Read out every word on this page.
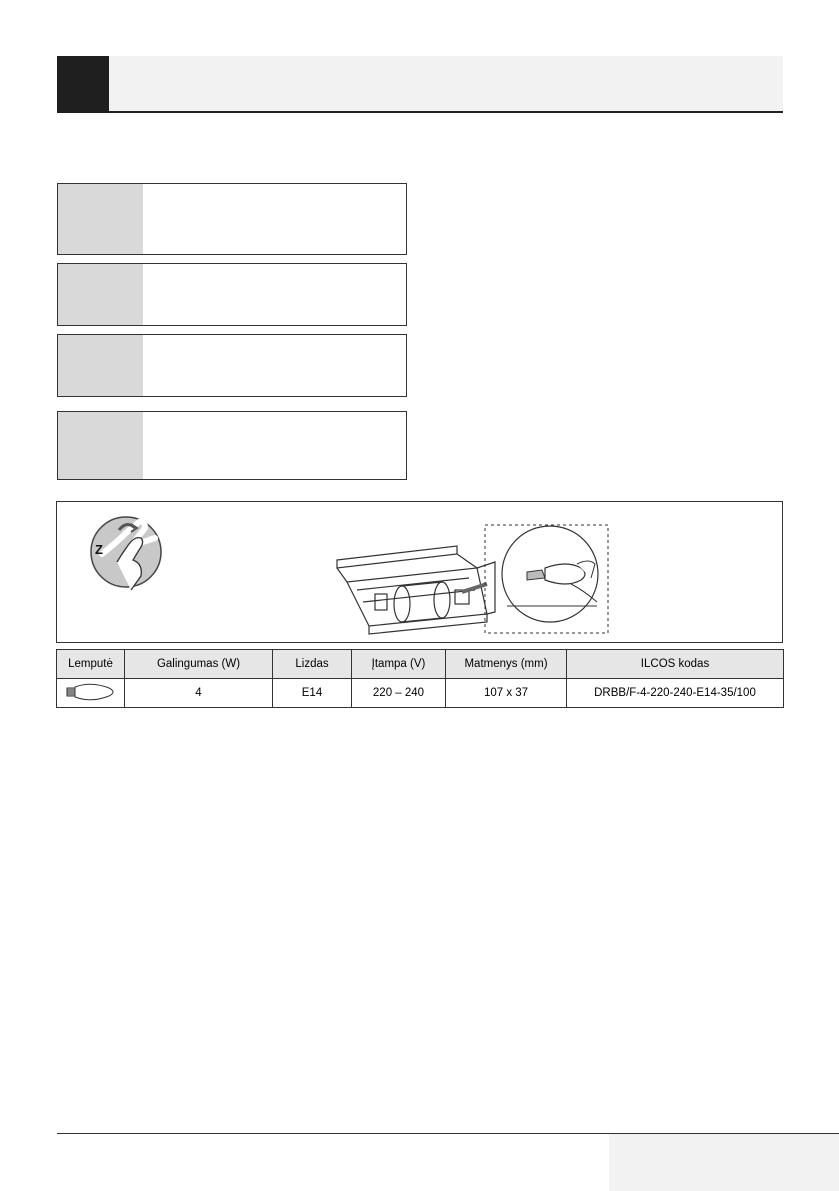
Z
Lemputė	Galingumas (W)	Lizdas	Įtampa (V)	Matmenys (mm)	ILCOS kodas
	4	E14	220 – 240	107 x 37	DRBB/F-4-220-240-E14-35/100
